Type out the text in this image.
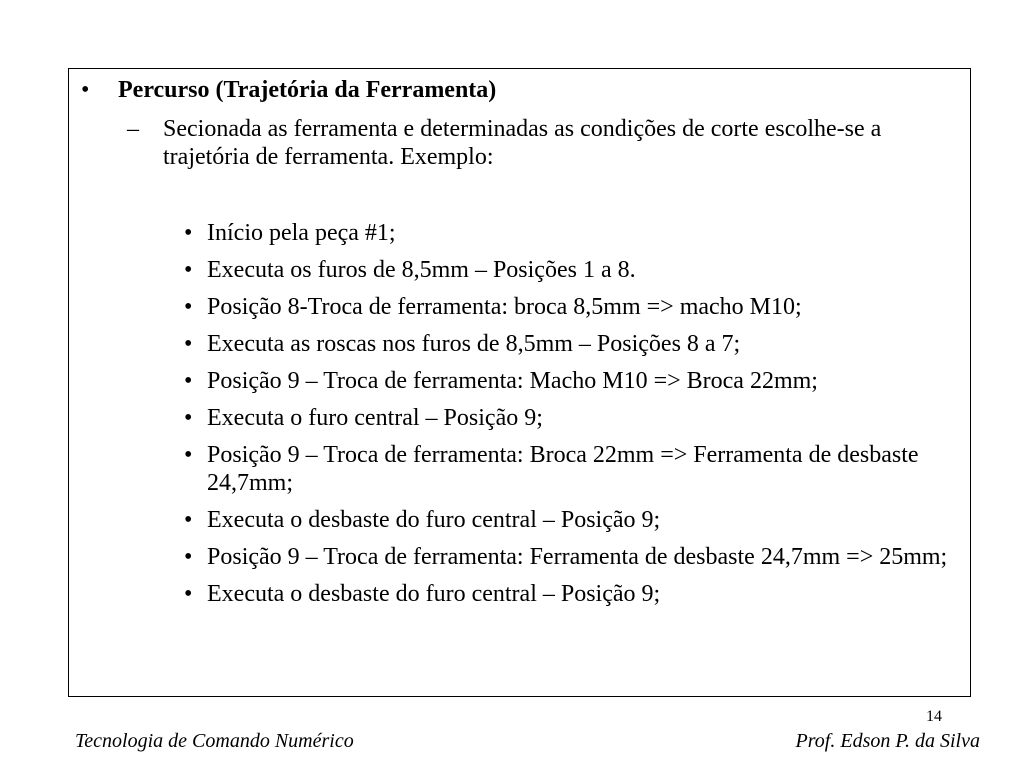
• Percurso (Trajetória da Ferramenta)
– Secionada as ferramenta e determinadas as condições de corte escolhe-se a trajetória de ferramenta. Exemplo:
• Início pela peça #1;
• Executa os furos de 8,5mm – Posições 1 a 8.
• Posição 8-Troca de ferramenta: broca 8,5mm => macho M10;
• Executa as roscas nos furos de 8,5mm – Posições 8 a 7;
• Posição 9 – Troca de ferramenta: Macho M10 => Broca 22mm;
• Executa o furo central – Posição 9;
• Posição 9 – Troca de ferramenta: Broca 22mm => Ferramenta de desbaste 24,7mm;
• Executa o desbaste do furo central – Posição 9;
• Posição 9 – Troca de ferramenta: Ferramenta de desbaste 24,7mm => 25mm;
• Executa o desbaste do furo central – Posição 9;
14
Tecnologia de Comando Numérico	Prof. Edson P. da Silva
